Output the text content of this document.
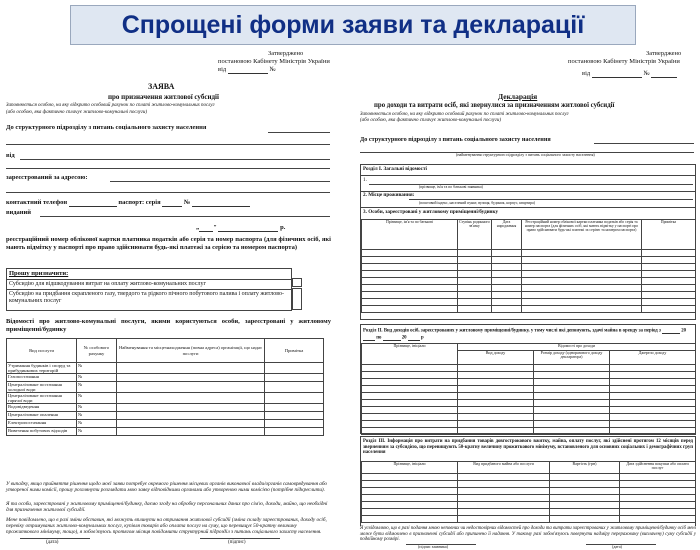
Спрощені форми заяви та декларації
Затверджено
постановою Кабінету Міністрів України
від	№
ЗАЯВА
про призначення житлової субсидії
Заповнюється особою, на яку відкрито особовий рахунок по сплаті житлово-комунальних послуг
(або особою, яка фактично сплачує житлово-комунальні послуги)
До структурного підрозділу з питань соціального захисту населення
від
зареєстрований за адресою:
контактний телефон	паспорт: серія	№
виданий
„ "	р.
реєстраційний номер облікової картки платника податків або серія та номер паспорта (для фізичних осіб, які мають відмітку у паспорті про право здійснювати будь-які платежі за серією та номером паспорта)
Прошу призначити:
Субсидію для відшкодування витрат на оплату житлово-комунальних послуг
Субсидію на придбання скрапленого газу, твердого та рідкого пічного побутового палива і оплату житлово-комунальних послуг
Відомості про житлово-комунальні послуги, якими користуються особи, зареєстровані у житловому приміщенні/будинку
Вид послуги	№ особового рахунку	Найменування та місцезнаходження (повна адреса) організації, що надає послуги	Примітка
Утримання будинків і споруд та прибудинкових територій	№		
Газопостачання	№		
Централізоване постачання холодної води	№		
Централізоване постачання гарячої води	№		
Водовідведення	№		
Централізоване опалення	№		
Електропостачання	№		
Вивезення побутових відходів	№		
У випадку, якщо прийняття рішення щодо моєї заяви потребує окремого рішення місцевих органів виконавчої влади/органів самоврядування або утвореної ними комісії, прошу розглянути розглядати мою заяву відповідними органами або утвореною ними комісією (потрібне підкреслити).
Я та особи, зареєстровані у житловому приміщенні/будинку, даємо згоду на обробку персональних даних про сім'ю, доходи, майно, що необхідні для призначення житлової субсидії.
Мене повідомлено, що в разі зміни обставин, які можуть вплинути на отримання житлової субсидії (зміна складу зареєстрованих, доходу осіб, перевіку отримуваних житлово-комунальних послуг, купівля товарів або оплата послуг на суму, що перевищує 50-кратну величину прожиткового мінімуму, тощо), я зобов'язуюсь протягом місяця повідомити структурний підрозділ з питань соціального захисту населення.
(дата)	(підпис)
Затверджено
постановою Кабінету Міністрів України
від	№
Декларація
про доходи та витрати осіб, які звернулися за призначенням житлової субсидії
Заповнюється особою, на яку відкрито особовий рахунок по сплаті житлово-комунальних послуг
(або особою, яка фактично сплачує житлово-комунальні послуги)
До структурного підрозділу з питань соціального захисту населення
(найменування структурного підрозділу з питань соціального захисту населення)
Розділ І. Загальні відомості
1.
(прізвище, ім'я та по батькові заявника)
2. Місце проживання:
(поштовий індекс, населений пункт, вулиця, будинок, корпус, квартира)
3. Особи, зареєстровані у житловому приміщенні/будинку
Прізвище, ім'я та по батькові	Ступінь родинного зв'язку	Дата народження	Реєстраційний номер облікової картки платника податків або серія та номер паспорта (для фізичних осіб, які мають відмітку у паспорті про право здійснювати будь-які платежі за серією та номером паспорта)	Примітка

Розділ ІІ. Вид доходів осіб, зареєстрованих у житловому приміщенні/будинку, у тому числі які депонують, здачі майна в оренду за період з	20  по	20	р
Прізвище, ініціали	Відомості про доходи		
	Вид доходу	Розмір доходу (одноразового доходу декларатора)	Джерело доходу

Розділ ІІІ. Інформація про витрати на придбання товарів довгострокового вжитку, майна, оплату послуг, які здійснені протягом 12 місяців перед зверненням за субсидією, що перевищують 50-кратну величину прожиткового мінімуму, встановленого для основних соціальних і демографічних груп населення
Прізвище, ініціали	Вид придбаного майна або послуги	Вартість (грн)	Дата здійснення покупки або оплати послуг

Я усвідомлюю, що в разі подання мною неповних чи недостовірних відомостей про доходи та витрати зареєстрованих у житловому приміщенні/будинку осіб мені може бути відмовлено в призначенні субсидії або припинено її надання. У такому разі зобов'язуюсь повернути надміру перераховану (виплачену) суму субсидії у подвійному розмірі.
(підпис заявника)	(дата)
